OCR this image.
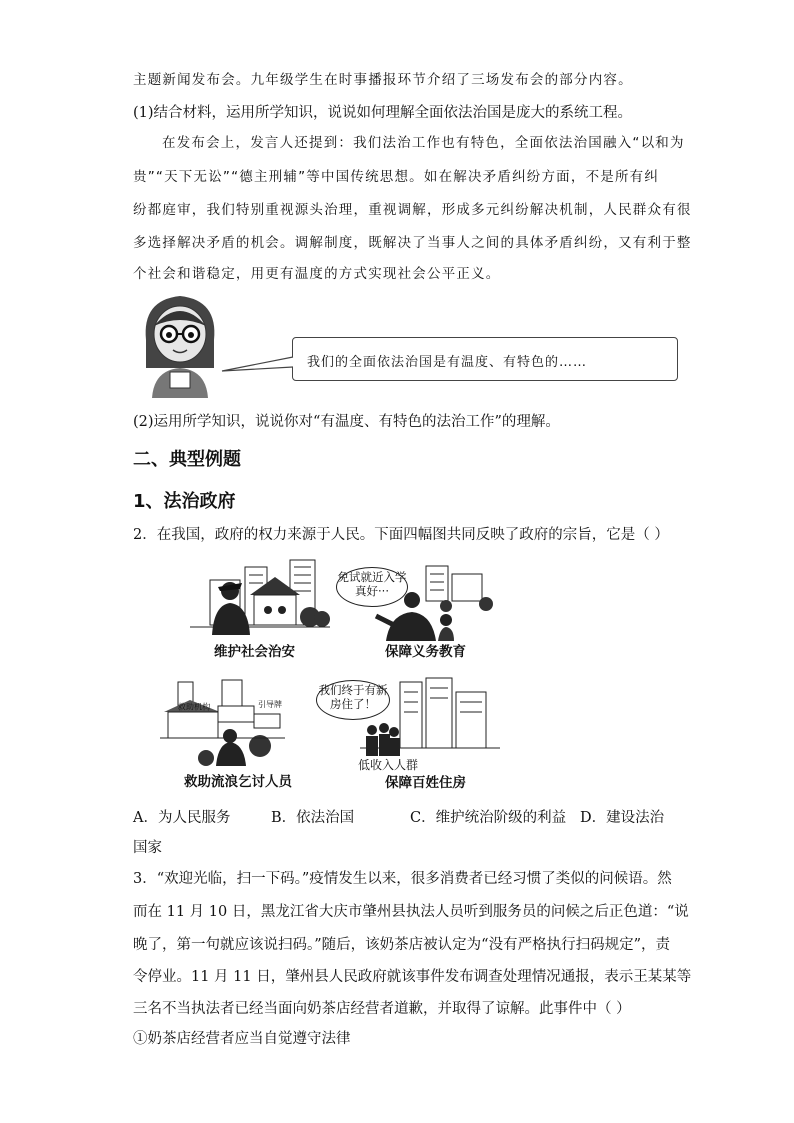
主题新闻发布会。九年级学生在时事播报环节介绍了三场发布会的部分内容。
(1)结合材料，运用所学知识，说说如何理解全面依法治国是庞大的系统工程。
在发布会上，发言人还提到：我们法治工作也有特色，全面依法治国融入“以和为
贵”“天下无讼”“德主刑辅”等中国传统思想。如在解决矛盾纠纷方面，不是所有纠
纷都庭审，我们特别重视源头治理，重视调解，形成多元纠纷解决机制，人民群众有很
多选择解决矛盾的机会。调解制度，既解决了当事人之间的具体矛盾纠纷，又有利于整
个社会和谐稳定，用更有温度的方式实现社会公平正义。
我们的全面依法治国是有温度、有特色的……
(2)运用所学知识，说说你对“有温度、有特色的法治工作”的理解。
二、典型例题
1、法治政府
2．在我国，政府的权力来源于人民。下面四幅图共同反映了政府的宗旨，它是（ ）
维护社会治安
免试就近入学真好···
保障义务教育
救助机构	引导牌
救助流浪乞讨人员
我们终于有新房住了！
低收入人群
保障百姓住房
A．为人民服务	B．依法治国	C．维护统治阶级的利益 D．建设法治
国家
3．“欢迎光临，扫一下码。”疫情发生以来，很多消费者已经习惯了类似的问候语。然
而在 11 月 10 日，黑龙江省大庆市肇州县执法人员听到服务员的问候之后正色道：“说
晚了，第一句就应该说扫码。”随后，该奶茶店被认定为“没有严格执行扫码规定”，责
令停业。11 月 11 日，肇州县人民政府就该事件发布调查处理情况通报，表示王某某等
三名不当执法者已经当面向奶茶店经营者道歉，并取得了谅解。此事件中（ ）
①奶茶店经营者应当自觉遵守法律
